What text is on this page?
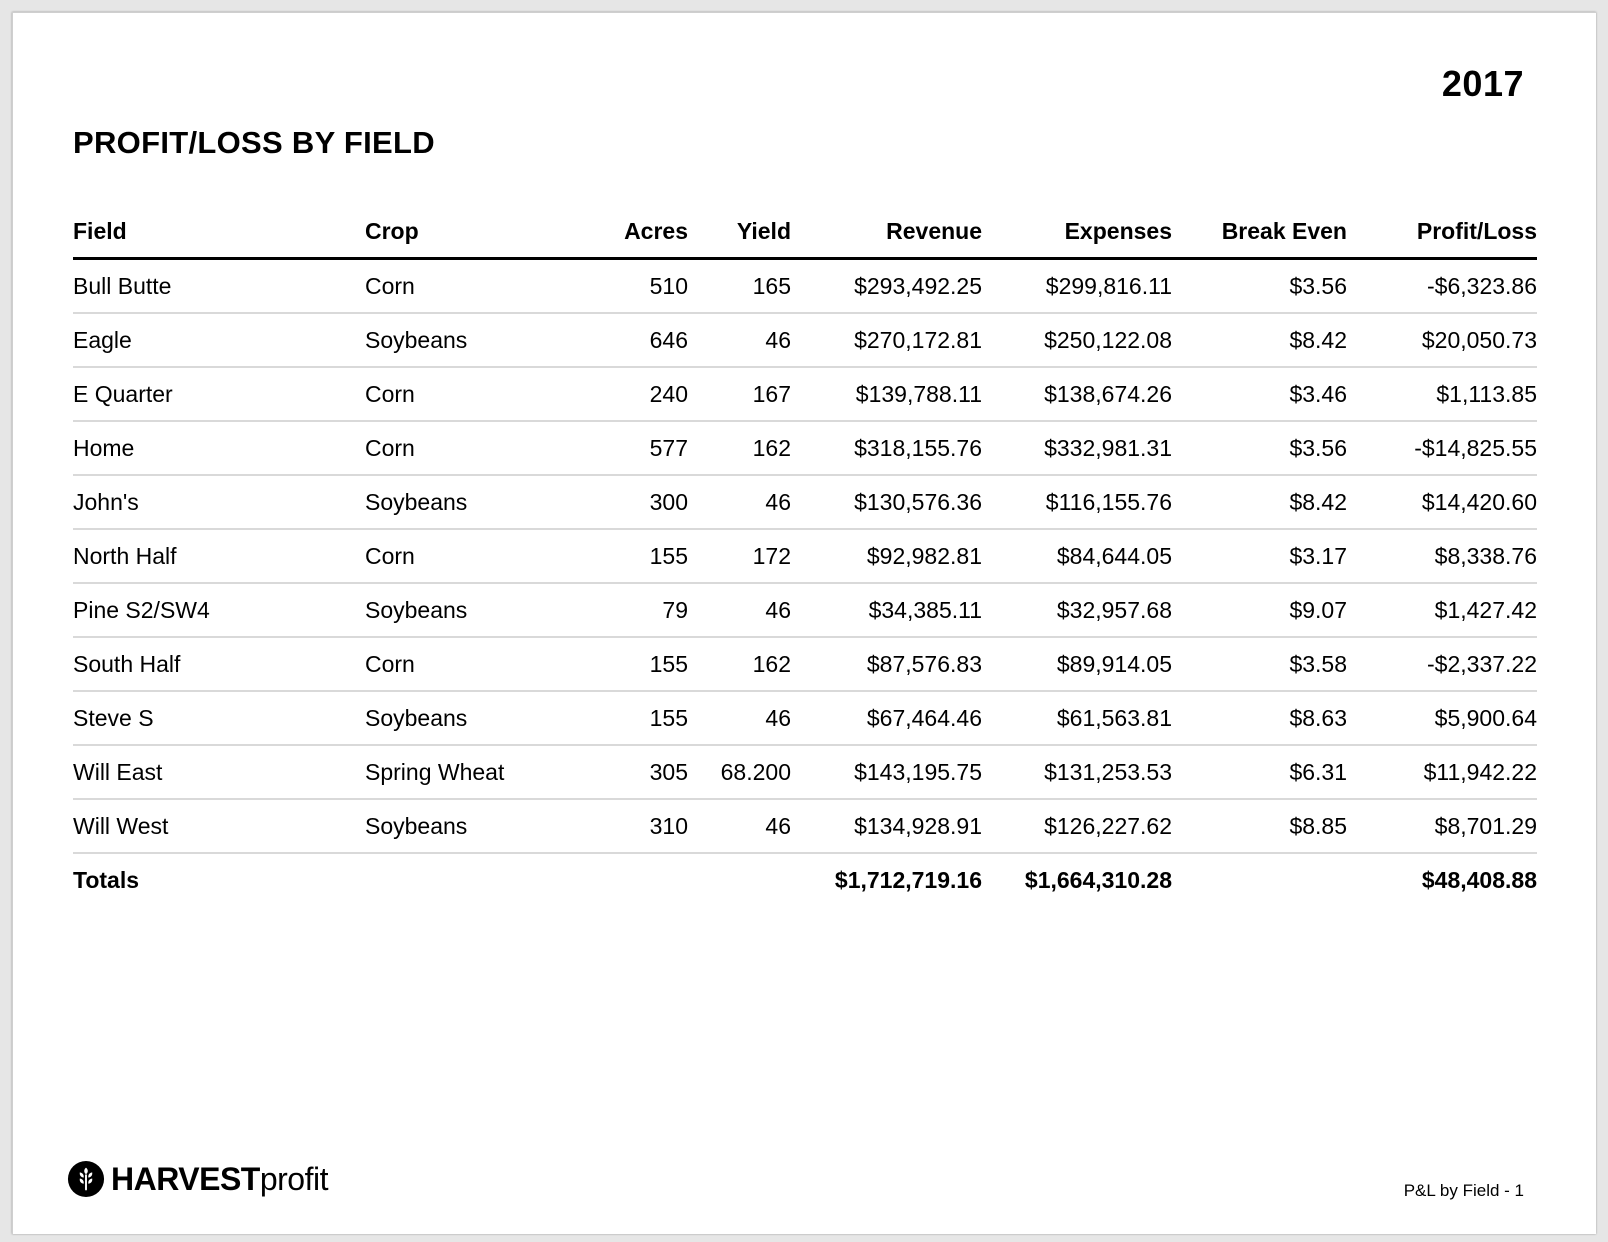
2017
PROFIT/LOSS BY FIELD
Field	Crop	Acres	Yield	Revenue	Expenses	Break Even	Profit/Loss
Bull Butte	Corn	510	165	$293,492.25	$299,816.11	$3.56	-$6,323.86
Eagle	Soybeans	646	46	$270,172.81	$250,122.08	$8.42	$20,050.73
E Quarter	Corn	240	167	$139,788.11	$138,674.26	$3.46	$1,113.85
Home	Corn	577	162	$318,155.76	$332,981.31	$3.56	-$14,825.55
John's	Soybeans	300	46	$130,576.36	$116,155.76	$8.42	$14,420.60
North Half	Corn	155	172	$92,982.81	$84,644.05	$3.17	$8,338.76
Pine S2/SW4	Soybeans	79	46	$34,385.11	$32,957.68	$9.07	$1,427.42
South Half	Corn	155	162	$87,576.83	$89,914.05	$3.58	-$2,337.22
Steve S	Soybeans	155	46	$67,464.46	$61,563.81	$8.63	$5,900.64
Will East	Spring Wheat	305	68.200	$143,195.75	$131,253.53	$6.31	$11,942.22
Will West	Soybeans	310	46	$134,928.91	$126,227.62	$8.85	$8,701.29
Totals				$1,712,719.16	$1,664,310.28		$48,408.88
HARVESTprofit	P&L by Field - 1
